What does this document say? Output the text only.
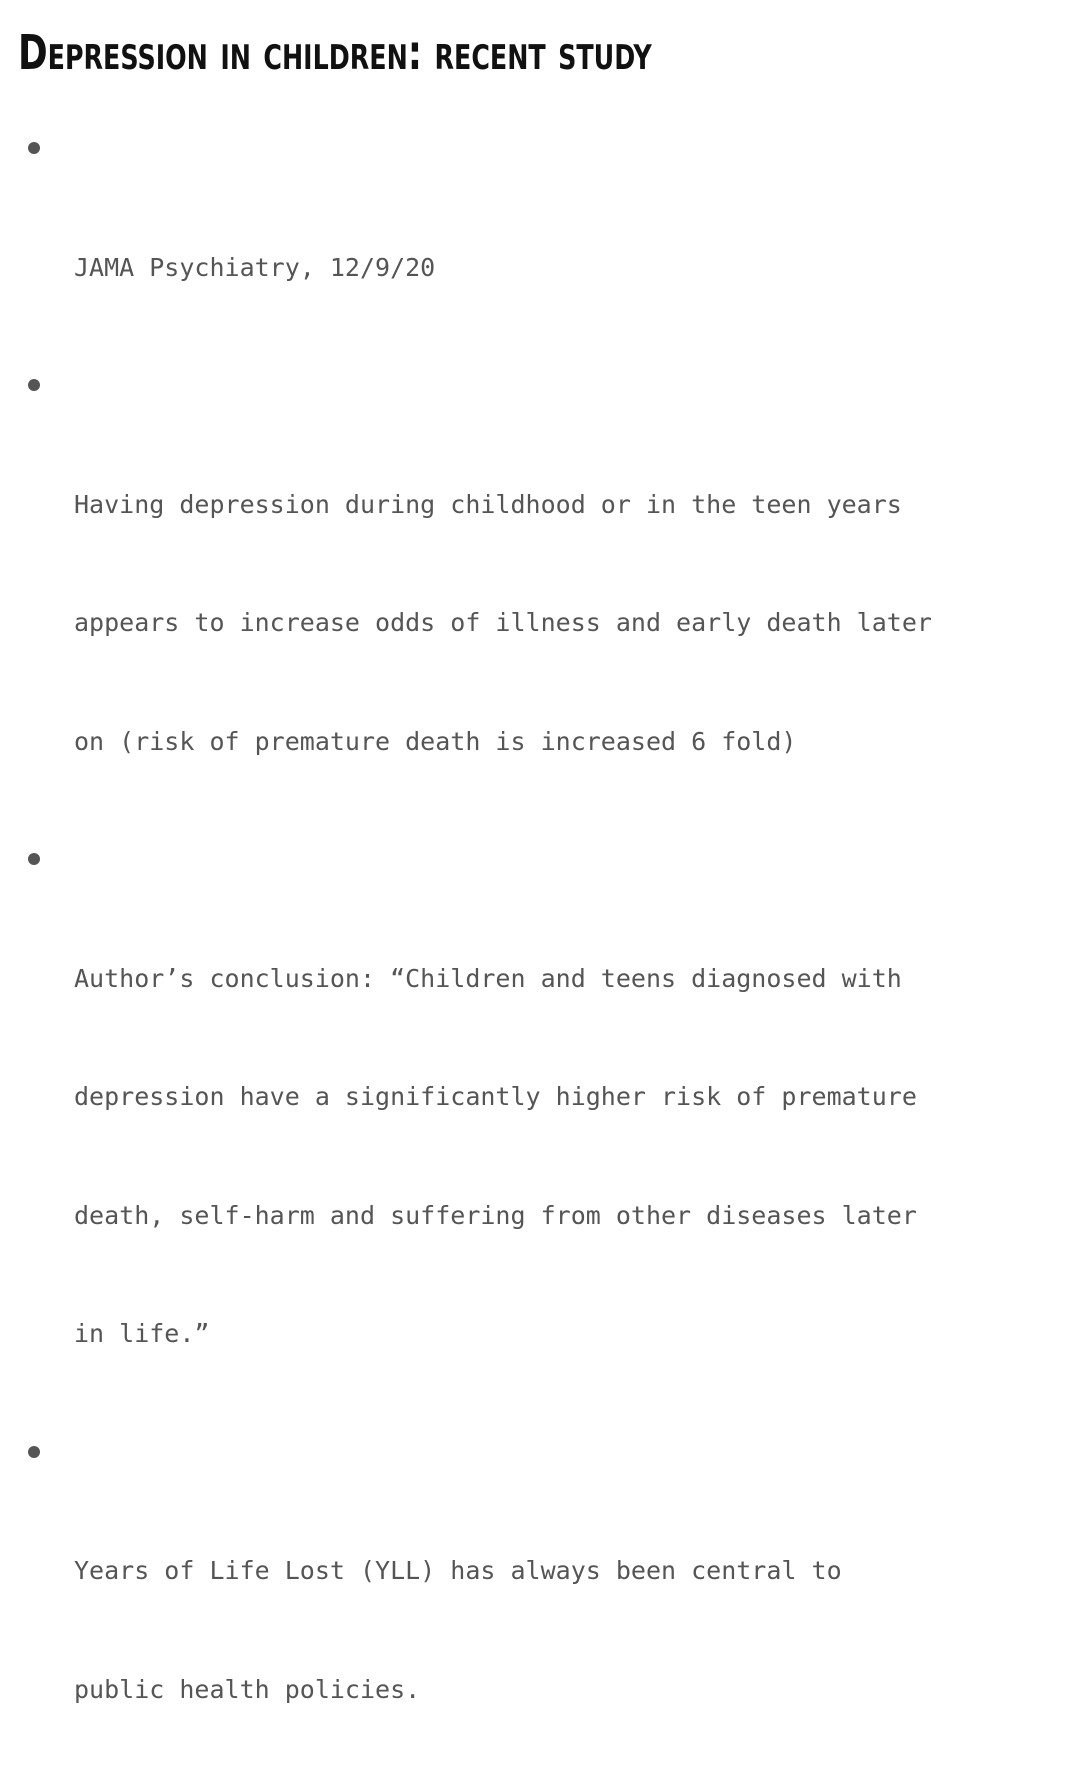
Depression in children: recent study

JAMA Psychiatry, 12/9/20

Having depression during childhood or in the teen years

appears to increase odds of illness and early death later

on (risk of premature death is increased 6 fold)

Author’s conclusion: “Children and teens diagnosed with

depression have a significantly higher risk of premature

death, self-harm and suffering from other diseases later

in life.”

Years of Life Lost (YLL) has always been central to

public health policies.
